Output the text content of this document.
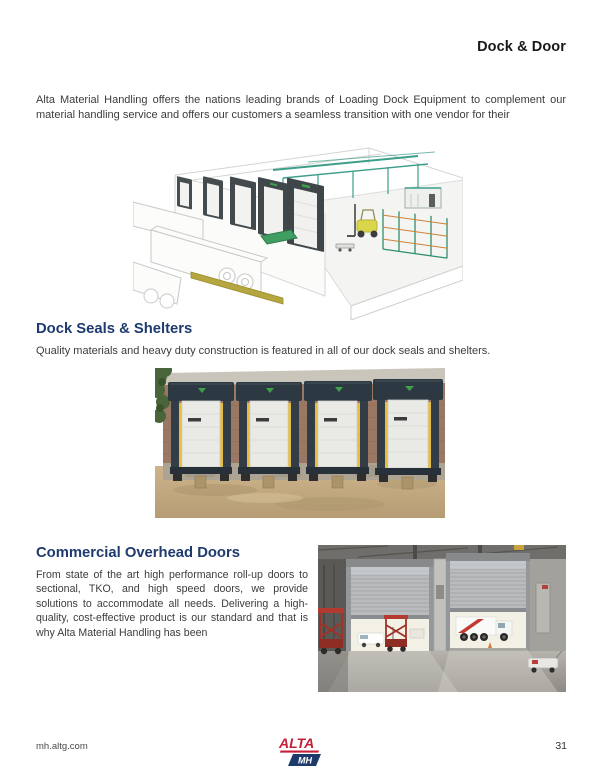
Dock & Door

Alta Material Handling offers the nations leading brands of Loading Dock Equipment to complement our material handling service and offers our customers a seamless transition with one vendor for their

Dock Seals & Shelters

Quality materials and heavy duty construction is featured in all of our dock seals and shelters.

Commercial Overhead Doors

From state of the art high performance roll-up doors to sectional, TKO, and high speed doors, we provide solutions to accommodate all needs. Delivering a high-quality, cost-effective product is our standard and that is why Alta Material Handling has been

mh.altg.com	ALTA
MH
31
